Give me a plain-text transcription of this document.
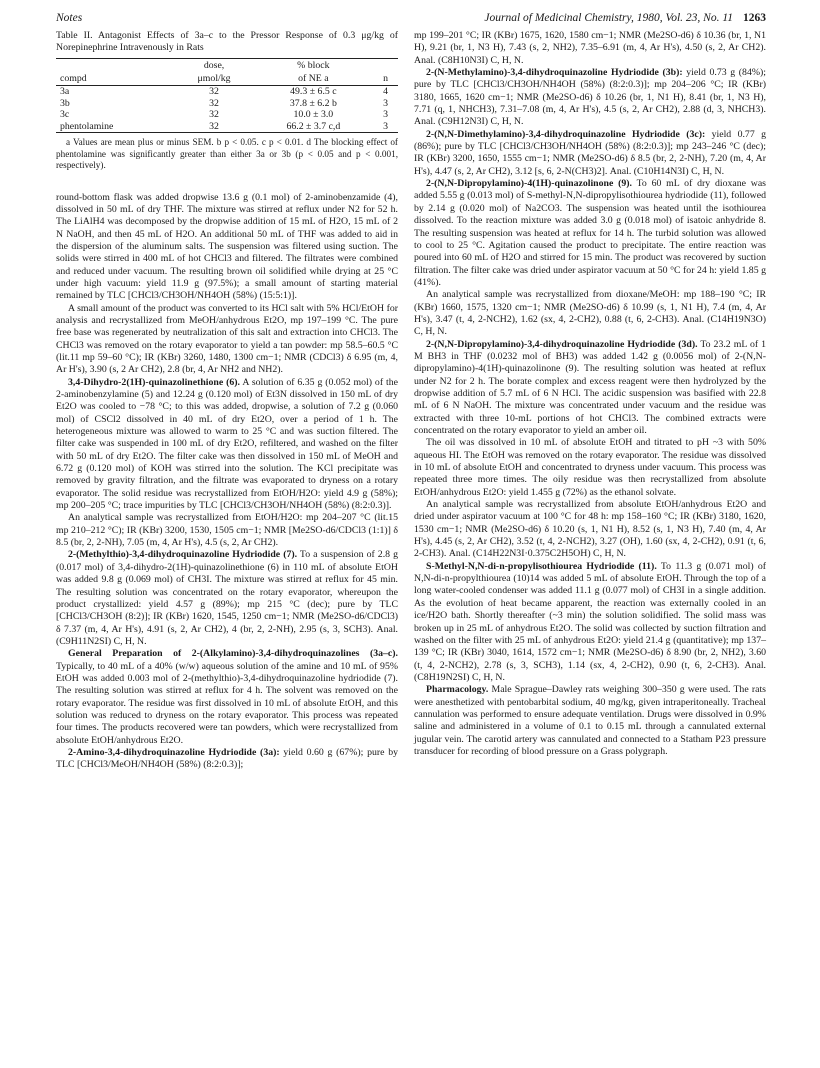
Notes	Journal of Medicinal Chemistry, 1980, Vol. 23, No. 11 1263

Table II. Antagonist Effects of 3a–c to the Pressor Response of 0.3 μg/kg of Norepinephrine Intravenously in Rats

	dose,	% block	
compd	μmol/kg	of NE a	n
3a	32	49.3 ± 6.5 c	4
3b	32	37.8 ± 6.2 b	3
3c	32	10.0 ± 3.0	3
phentolamine	32	66.2 ± 3.7 c,d	3

a Values are mean plus or minus SEM. b p < 0.05. c p < 0.01. d The blocking effect of phentolamine was significantly greater than either 3a or 3b (p < 0.05 and p < 0.001, respectively).

round-bottom flask was added dropwise 13.6 g (0.1 mol) of 2-aminobenzamide (4), dissolved in 50 mL of dry THF. The mixture was stirred at reflux under N2 for 52 h. The LiAlH4 was decomposed by the dropwise addition of 15 mL of H2O, 15 mL of 2 N NaOH, and then 45 mL of H2O. An additional 50 mL of THF was added to aid in the dispersion of the aluminum salts. The suspension was filtered using suction. The solids were stirred in 400 mL of hot CHCl3 and filtered. The filtrates were combined and reduced under vacuum. The resulting brown oil solidified while drying at 25 °C under high vacuum: yield 11.9 g (97.5%); a small amount of starting material remained by TLC [CHCl3/CH3OH/NH4OH (58%) (15:5:1)].

A small amount of the product was converted to its HCl salt with 5% HCl/EtOH for analysis and recrystallized from MeOH/anhydrous Et2O, mp 197–199 °C. The pure free base was regenerated by neutralization of this salt and extraction into CHCl3. The CHCl3 was removed on the rotary evaporator to yield a tan powder: mp 58.5–60.5 °C (lit.11 mp 59–60 °C); IR (KBr) 3260, 1480, 1300 cm−1; NMR (CDCl3) δ 6.95 (m, 4, Ar H's), 3.90 (s, 2 Ar CH2), 2.8 (br, 4, Ar NH2 and NH2).

3,4-Dihydro-2(1H)-quinazolinethione (6). A solution of 6.35 g (0.052 mol) of the 2-aminobenzylamine (5) and 12.24 g (0.120 mol) of Et3N dissolved in 150 mL of dry Et2O was cooled to −78 °C; to this was added, dropwise, a solution of 7.2 g (0.060 mol) of CSCl2 dissolved in 40 mL of dry Et2O, over a period of 1 h. The heterogeneous mixture was allowed to warm to 25 °C and was suction filtered. The filter cake was suspended in 100 mL of dry Et2O, refiltered, and washed on the filter with 50 mL of dry Et2O. The filter cake was then dissolved in 150 mL of MeOH and 6.72 g (0.120 mol) of KOH was stirred into the solution. The KCl precipitate was removed by gravity filtration, and the filtrate was evaporated to dryness on a rotary evaporator. The solid residue was recrystallized from EtOH/H2O: yield 4.9 g (58%); mp 200–205 °C; trace impurities by TLC [CHCl3/CH3OH/NH4OH (58%) (8:2:0.3)].

An analytical sample was recrystallized from EtOH/H2O: mp 204–207 °C (lit.15 mp 210–212 °C); IR (KBr) 3200, 1530, 1505 cm−1; NMR [Me2SO-d6/CDCl3 (1:1)] δ 8.5 (br, 2, 2-NH), 7.05 (m, 4, Ar H's), 4.5 (s, 2, Ar CH2).

2-(Methylthio)-3,4-dihydroquinazoline Hydriodide (7). To a suspension of 2.8 g (0.017 mol) of 3,4-dihydro-2(1H)-quinazolinethione (6) in 110 mL of absolute EtOH was added 9.8 g (0.069 mol) of CH3I. The mixture was stirred at reflux for 45 min. The resulting solution was concentrated on the rotary evaporator, whereupon the product crystallized: yield 4.57 g (89%); mp 215 °C (dec); pure by TLC [CHCl3/CH3OH (8:2)]; IR (KBr) 1620, 1545, 1250 cm−1; NMR (Me2SO-d6/CDCl3) δ 7.37 (m, 4, Ar H's), 4.91 (s, 2, Ar CH2), 4 (br, 2, 2-NH), 2.95 (s, 3, SCH3). Anal. (C9H11N2SI) C, H, N.

General Preparation of 2-(Alkylamino)-3,4-dihydroquinazolines (3a–c). Typically, to 40 mL of a 40% (w/w) aqueous solution of the amine and 10 mL of 95% EtOH was added 0.003 mol of 2-(methylthio)-3,4-dihydroquinazoline hydriodide (7). The resulting solution was stirred at reflux for 4 h. The solvent was removed on the rotary evaporator. The residue was first dissolved in 10 mL of absolute EtOH, and this solution was reduced to dryness on the rotary evaporator. This process was repeated four times. The products recovered were tan powders, which were recrystallized from absolute EtOH/anhydrous Et2O.

2-Amino-3,4-dihydroquinazoline Hydriodide (3a): yield 0.60 g (67%); pure by TLC [CHCl3/MeOH/NH4OH (58%) (8:2:0.3)];

mp 199–201 °C; IR (KBr) 1675, 1620, 1580 cm−1; NMR (Me2SO-d6) δ 10.36 (br, 1, N1 H), 9.21 (br, 1, N3 H), 7.43 (s, 2, NH2), 7.35–6.91 (m, 4, Ar H's), 4.50 (s, 2, Ar CH2). Anal. (C8H10N3I) C, H, N.

2-(N-Methylamino)-3,4-dihydroquinazoline Hydriodide (3b): yield 0.73 g (84%); pure by TLC [CHCl3/CH3OH/NH4OH (58%) (8:2:0.3)]; mp 204–206 °C; IR (KBr) 3180, 1665, 1620 cm−1; NMR (Me2SO-d6) δ 10.26 (br, 1, N1 H), 8.41 (br, 1, N3 H), 7.71 (q, 1, NHCH3), 7.31–7.08 (m, 4, Ar H's), 4.5 (s, 2, Ar CH2), 2.88 (d, 3, NHCH3). Anal. (C9H12N3I) C, H, N.

2-(N,N-Dimethylamino)-3,4-dihydroquinazoline Hydriodide (3c): yield 0.77 g (86%); pure by TLC [CHCl3/CH3OH/NH4OH (58%) (8:2:0.3)]; mp 243–246 °C (dec); IR (KBr) 3200, 1650, 1555 cm−1; NMR (Me2SO-d6) δ 8.5 (br, 2, 2-NH), 7.20 (m, 4, Ar H's), 4.47 (s, 2, Ar CH2), 3.12 [s, 6, 2-N(CH3)2]. Anal. (C10H14N3I) C, H, N.

2-(N,N-Dipropylamino)-4(1H)-quinazolinone (9). To 60 mL of dry dioxane was added 5.55 g (0.013 mol) of S-methyl-N,N-dipropylisothiourea hydriodide (11), followed by 2.14 g (0.020 mol) of Na2CO3. The suspension was heated until the isothiourea dissolved. To the reaction mixture was added 3.0 g (0.018 mol) of isatoic anhydride 8. The resulting suspension was heated at reflux for 14 h. The turbid solution was allowed to cool to 25 °C. Agitation caused the product to precipitate. The entire reaction was poured into 60 mL of H2O and stirred for 15 min. The product was recovered by suction filtration. The filter cake was dried under aspirator vacuum at 50 °C for 24 h: yield 1.85 g (41%).

An analytical sample was recrystallized from dioxane/MeOH: mp 188–190 °C; IR (KBr) 1660, 1575, 1320 cm−1; NMR (Me2SO-d6) δ 10.99 (s, 1, N1 H), 7.4 (m, 4, Ar H's), 3.47 (t, 4, 2-NCH2), 1.62 (sx, 4, 2-CH2), 0.88 (t, 6, 2-CH3). Anal. (C14H19N3O) C, H, N.

2-(N,N-Dipropylamino)-3,4-dihydroquinazoline Hydriodide (3d). To 23.2 mL of 1 M BH3 in THF (0.0232 mol of BH3) was added 1.42 g (0.0056 mol) of 2-(N,N-dipropylamino)-4(1H)-quinazolinone (9). The resulting solution was heated at reflux under N2 for 2 h. The borate complex and excess reagent were then hydrolyzed by the dropwise addition of 5.7 mL of 6 N HCl. The acidic suspension was basified with 22.8 mL of 6 N NaOH. The mixture was concentrated under vacuum and the residue was extracted with three 10-mL portions of hot CHCl3. The combined extracts were concentrated on the rotary evaporator to yield an amber oil.

The oil was dissolved in 10 mL of absolute EtOH and titrated to pH ~3 with 50% aqueous HI. The EtOH was removed on the rotary evaporator. The residue was dissolved in 10 mL of absolute EtOH and concentrated to dryness under vacuum. This process was repeated three more times. The oily residue was then recrystallized from absolute EtOH/anhydrous Et2O: yield 1.455 g (72%) as the ethanol solvate.

An analytical sample was recrystallized from absolute EtOH/anhydrous Et2O and dried under aspirator vacuum at 100 °C for 48 h: mp 158–160 °C; IR (KBr) 3180, 1620, 1530 cm−1; NMR (Me2SO-d6) δ 10.20 (s, 1, N1 H), 8.52 (s, 1, N3 H), 7.40 (m, 4, Ar H's), 4.45 (s, 2, Ar CH2), 3.52 (t, 4, 2-NCH2), 3.27 (OH), 1.60 (sx, 4, 2-CH2), 0.91 (t, 6, 2-CH3). Anal. (C14H22N3I·0.375C2H5OH) C, H, N.

S-Methyl-N,N-di-n-propylisothiourea Hydriodide (11). To 11.3 g (0.071 mol) of N,N-di-n-propylthiourea (10)14 was added 5 mL of absolute EtOH. Through the top of a long water-cooled condenser was added 11.1 g (0.077 mol) of CH3I in a single addition. As the evolution of heat became apparent, the reaction was externally cooled in an ice/H2O bath. Shortly thereafter (~3 min) the solution solidified. The solid mass was broken up in 25 mL of anhydrous Et2O. The solid was collected by suction filtration and washed on the filter with 25 mL of anhydrous Et2O: yield 21.4 g (quantitative); mp 137–139 °C; IR (KBr) 3040, 1614, 1572 cm−1; NMR (Me2SO-d6) δ 8.90 (br, 2, NH2), 3.60 (t, 4, 2-NCH2), 2.78 (s, 3, SCH3), 1.14 (sx, 4, 2-CH2), 0.90 (t, 6, 2-CH3). Anal. (C8H19N2SI) C, H, N.

Pharmacology. Male Sprague–Dawley rats weighing 300–350 g were used. The rats were anesthetized with pentobarbital sodium, 40 mg/kg, given intraperitoneally. Tracheal cannulation was performed to ensure adequate ventilation. Drugs were dissolved in 0.9% saline and administered in a volume of 0.1 to 0.15 mL through a cannulated external jugular vein. The carotid artery was cannulated and connected to a Statham P23 pressure transducer for recording of blood pressure on a Grass polygraph.
